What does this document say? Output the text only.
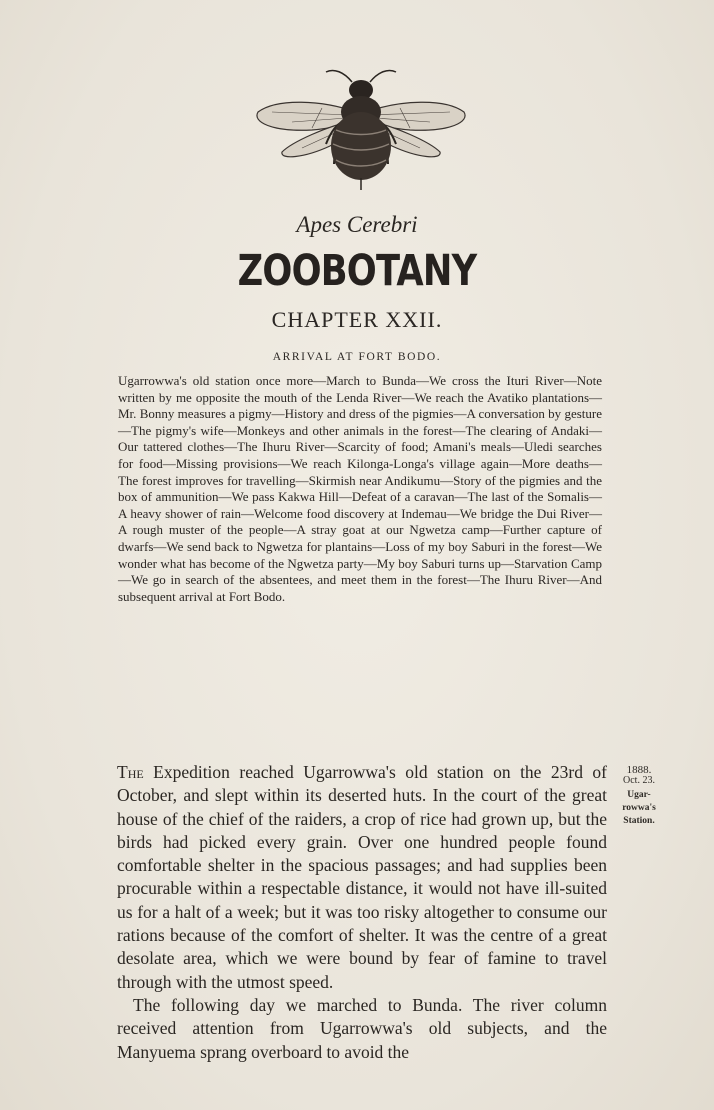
Apes Cerebri
ZOOBOTANY
CHAPTER XXII.
ARRIVAL AT FORT BODO.
Ugarrowwa's old station once more—March to Bunda—We cross the Ituri River—Note written by me opposite the mouth of the Lenda River—We reach the Avatiko plantations—Mr. Bonny measures a pigmy—History and dress of the pigmies—A conversation by gesture—The pigmy's wife—Monkeys and other animals in the forest—The clearing of Andaki—Our tattered clothes—The Ihuru River—Scarcity of food; Amani's meals—Uledi searches for food—Missing provisions—We reach Kilonga-Longa's village again—More deaths—The forest improves for travelling—Skirmish near Andikumu—Story of the pigmies and the box of ammunition—We pass Kakwa Hill—Defeat of a caravan—The last of the Somalis—A heavy shower of rain—Welcome food discovery at Indemau—We bridge the Dui River—A rough muster of the people—A stray goat at our Ngwetza camp—Further capture of dwarfs—We send back to Ngwetza for plantains—Loss of my boy Saburi in the forest—We wonder what has become of the Ngwetza party—My boy Saburi turns up—Starvation Camp—We go in search of the absentees, and meet them in the forest—The Ihuru River—And subsequent arrival at Fort Bodo.

The Expedition reached Ugarrowwa's old station on the 23rd of October, and slept within its deserted huts. In the court of the great house of the chief of the raiders, a crop of rice had grown up, but the birds had picked every grain. Over one hundred people found comfortable shelter in the spacious passages; and had supplies been procurable within a respectable distance, it would not have ill-suited us for a halt of a week; but it was too risky altogether to consume our rations because of the comfort of shelter. It was the centre of a great desolate area, which we were bound by fear of famine to travel through with the utmost speed.

The following day we marched to Bunda. The river column received attention from Ugarrowwa's old subjects, and the Manyuema sprang overboard to avoid the

1888.
Oct. 23.
Ugar-
rowwa's
Station.
